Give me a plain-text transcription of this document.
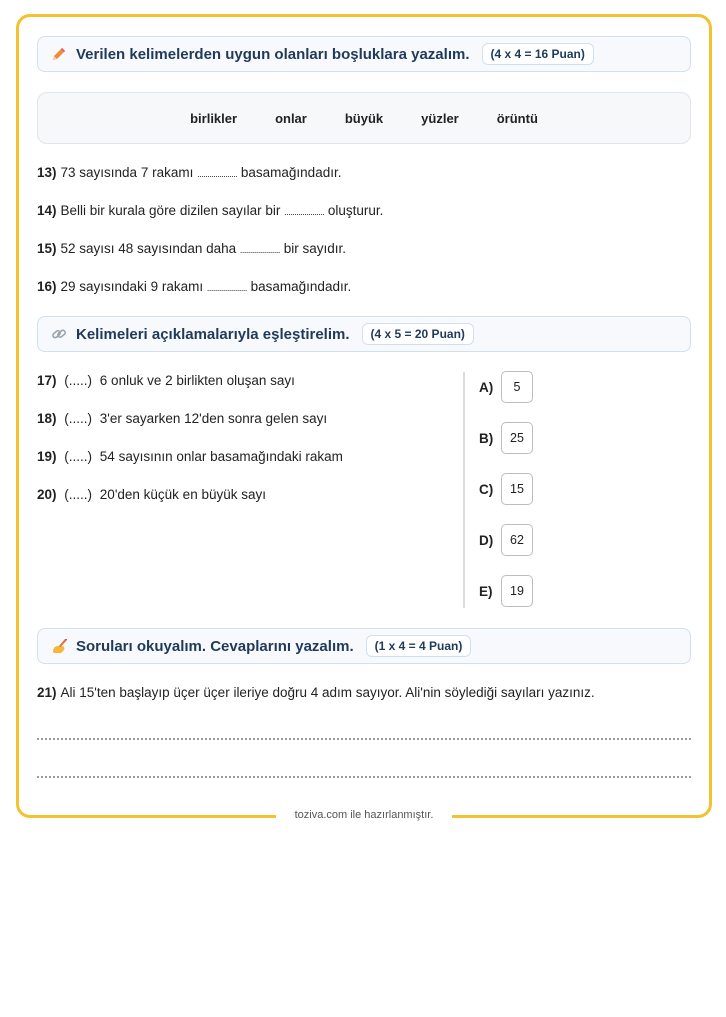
Verilen kelimelerden uygun olanları boşluklara yazalım.	(4 x 4 = 16 Puan)
birlikler	onlar	büyük	yüzler	örüntü
13) 73 sayısında 7 rakamı .................... basamağındadır.
14) Belli bir kurala göre dizilen sayılar bir .................... oluşturur.
15) 52 sayısı 48 sayısından daha .................... bir sayıdır.
16) 29 sayısındaki 9 rakamı .................... basamağındadır.
Kelimeleri açıklamalarıyla eşleştirelim.	(4 x 5 = 20 Puan)
17) (.....) 6 onluk ve 2 birlikten oluşan sayı
18) (.....) 3'er sayarken 12'den sonra gelen sayı
19) (.....) 54 sayısının onlar basamağındaki rakam
20) (.....) 20'den küçük en büyük sayı
A)	5
B)	25
C)	15
D)	62
E)	19
Soruları okuyalım. Cevaplarını yazalım.	(1 x 4 = 4 Puan)
21) Ali 15'ten başlayıp üçer üçer ileriye doğru 4 adım sayıyor. Ali'nin söylediği sayıları yazınız.
toziva.com ile hazırlanmıştır.
